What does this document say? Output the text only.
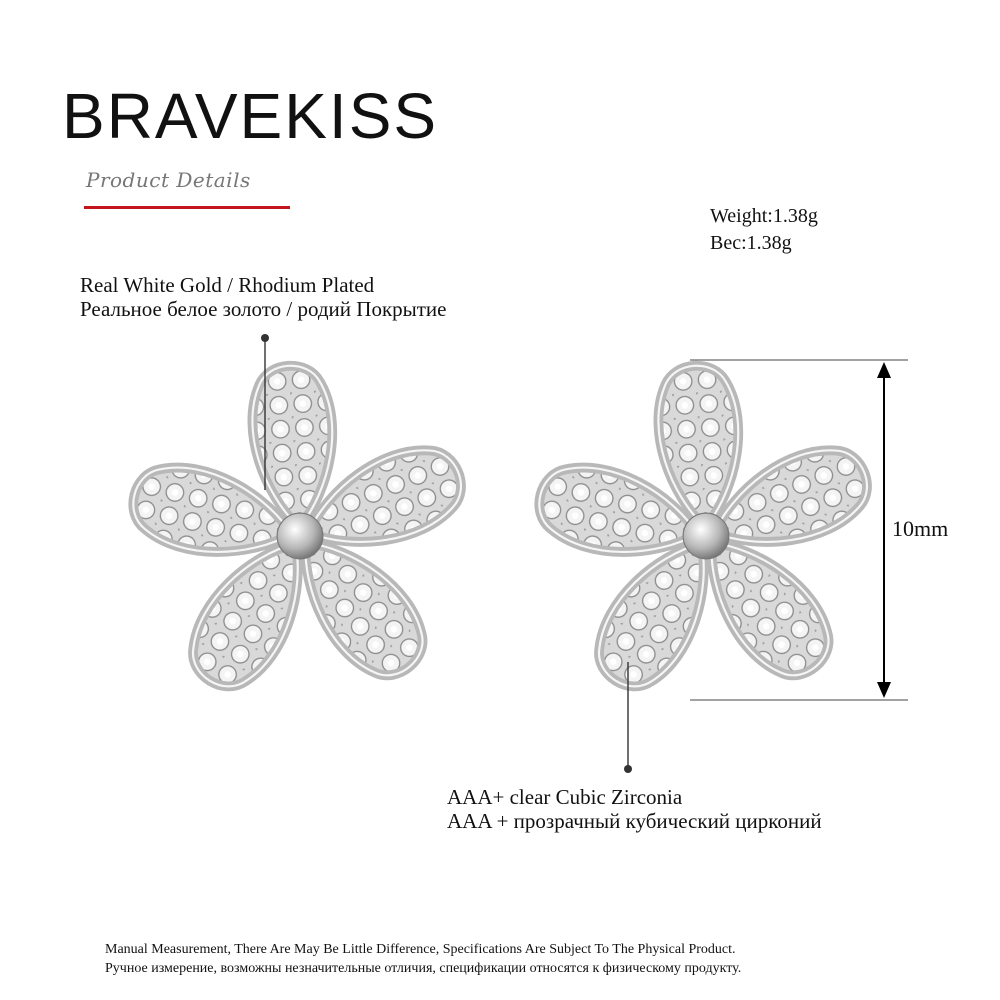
BRAVEKISS
Product Details
Weight:1.38g
Bec:1.38g
Real White Gold / Rhodium Plated
Реальное белое золото / родий Покрытие
AAA+ clear Cubic Zirconia
AAA + прозрачный кубический цирконий
10mm
Manual Measurement, There Are May Be Little Difference, Specifications Are Subject To The Physical Product.
Ручное измерение, возможны незначительные отличия, спецификации относятся к физическому продукту.
